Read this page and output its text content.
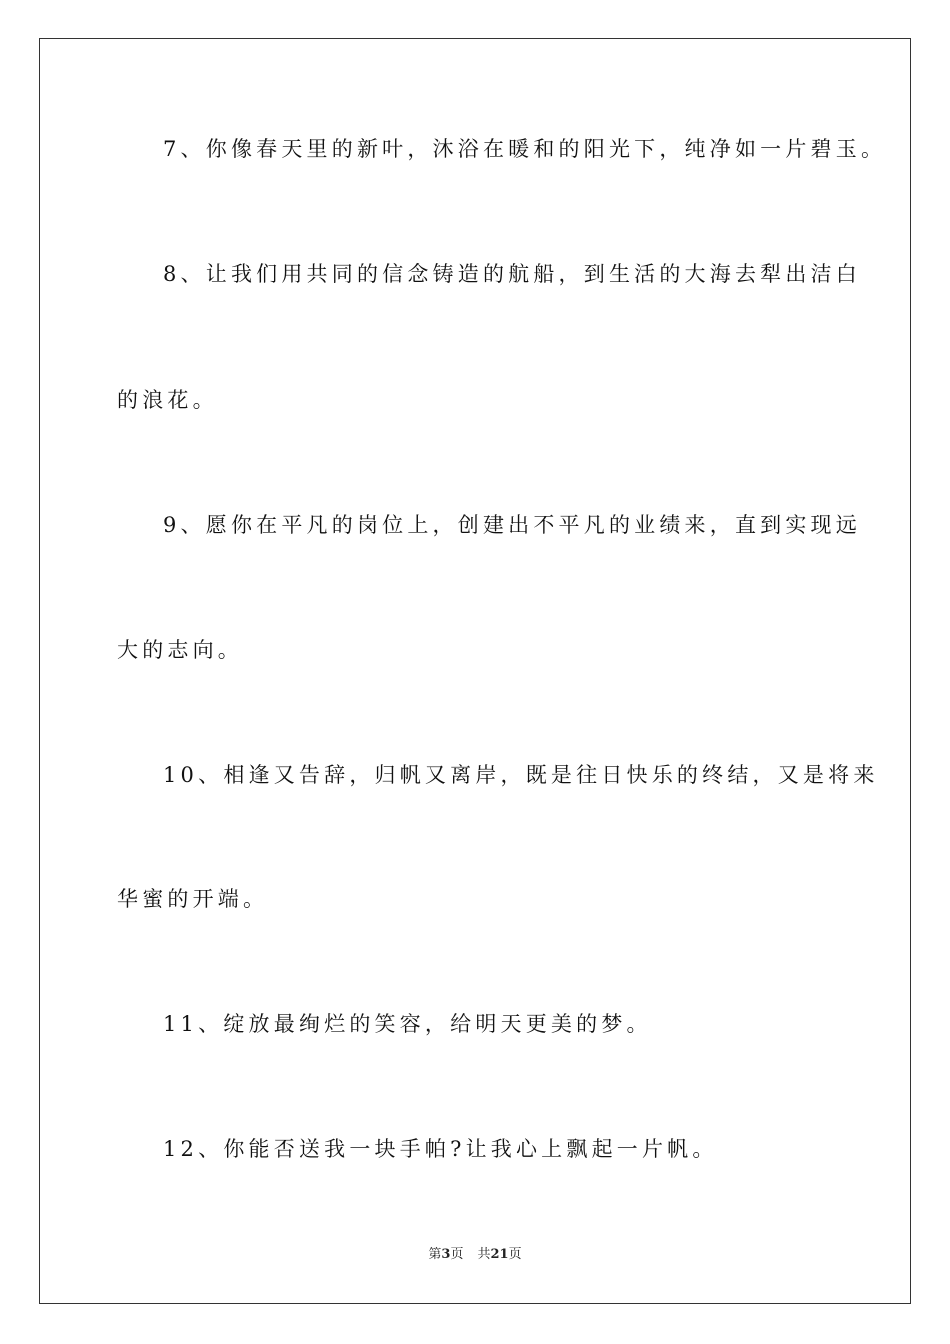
7、你像春天里的新叶，沐浴在暖和的阳光下，纯净如一片碧玉。
8、让我们用共同的信念铸造的航船，到生活的大海去犁出洁白
的浪花。
9、愿你在平凡的岗位上，创建出不平凡的业绩来，直到实现远
大的志向。
10、相逢又告辞，归帆又离岸，既是往日快乐的终结，又是将来
华蜜的开端。
11、绽放最绚烂的笑容，给明天更美的梦。
12、你能否送我一块手帕?让我心上飘起一片帆。
第3页 共21页
